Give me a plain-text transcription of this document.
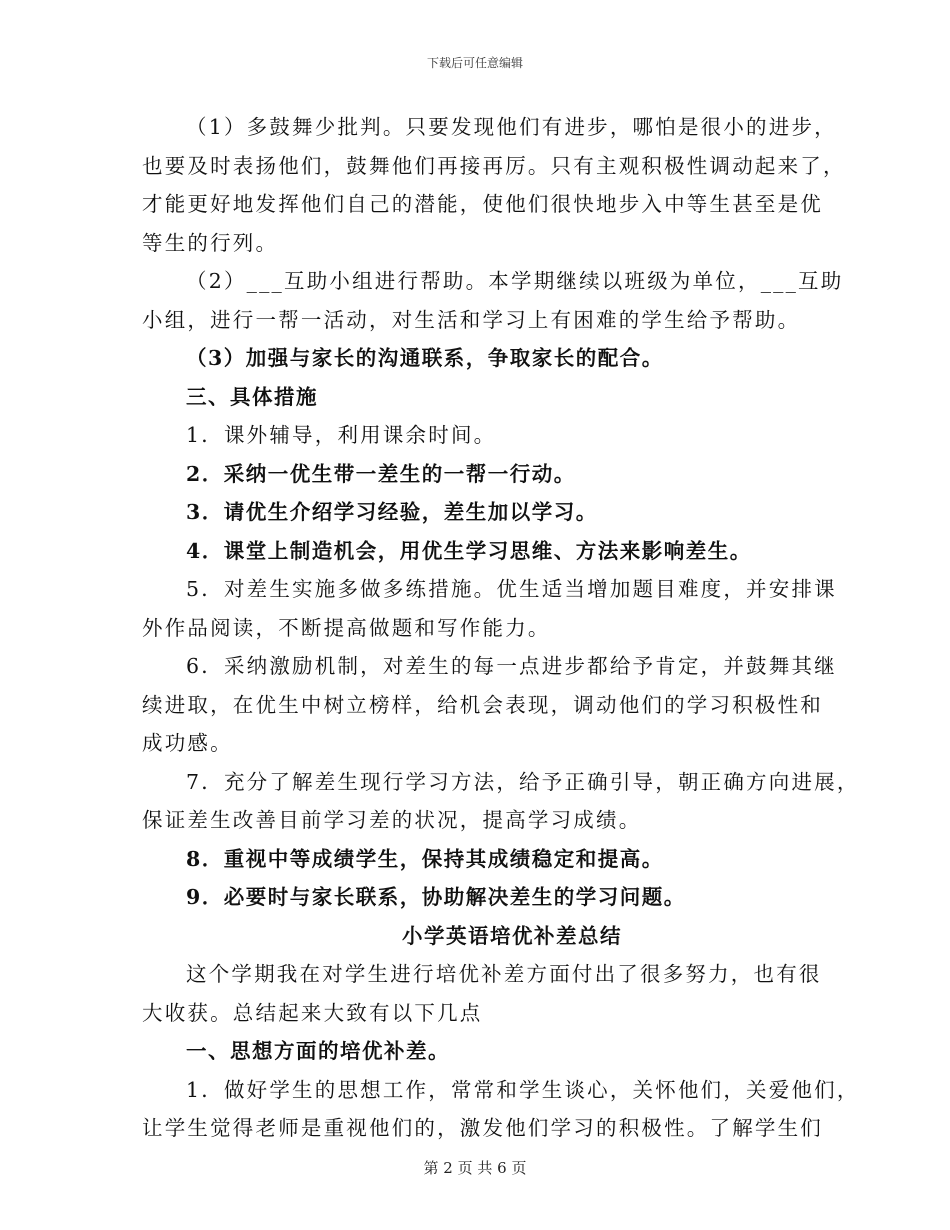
下载后可任意编辑
（1）多鼓舞少批判。只要发现他们有进步，哪怕是很小的进步，
也要及时表扬他们，鼓舞他们再接再厉。只有主观积极性调动起来了，
才能更好地发挥他们自己的潜能，使他们很快地步入中等生甚至是优
等生的行列。
（2）___互助小组进行帮助。本学期继续以班级为单位，___互助
小组，进行一帮一活动，对生活和学习上有困难的学生给予帮助。
（3）加强与家长的沟通联系，争取家长的配合。
三、具体措施
1．课外辅导，利用课余时间。
2．采纳一优生带一差生的一帮一行动。
3．请优生介绍学习经验，差生加以学习。
4．课堂上制造机会，用优生学习思维、方法来影响差生。
5．对差生实施多做多练措施。优生适当增加题目难度，并安排课
外作品阅读，不断提高做题和写作能力。
6．采纳激励机制，对差生的每一点进步都给予肯定，并鼓舞其继
续进取，在优生中树立榜样，给机会表现，调动他们的学习积极性和
成功感。
7．充分了解差生现行学习方法，给予正确引导，朝正确方向进展，
保证差生改善目前学习差的状况，提高学习成绩。
8．重视中等成绩学生，保持其成绩稳定和提高。
9．必要时与家长联系，协助解决差生的学习问题。
小学英语培优补差总结
这个学期我在对学生进行培优补差方面付出了很多努力，也有很
大收获。总结起来大致有以下几点
一、思想方面的培优补差。
1．做好学生的思想工作，常常和学生谈心，关怀他们，关爱他们，
让学生觉得老师是重视他们的，激发他们学习的积极性。了解学生们
第 2 页 共 6 页
